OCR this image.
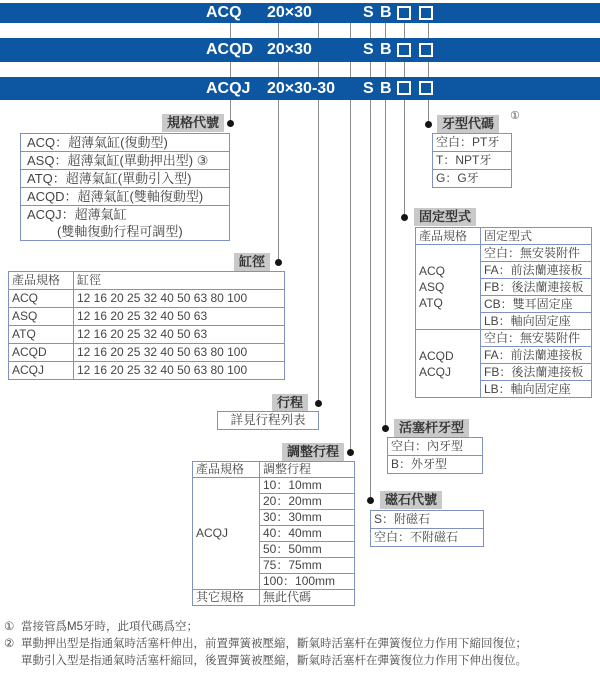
ACQ 20×30	S B
ACQD 20×30	S B
ACQJ 20×30-30 S B
規格代號
缸徑
行程
調整行程
磁石代號
活塞杆牙型
固定型式
牙型代碼	①
ACQ：超薄氣缸(復動型)
ASQ：超薄氣缸(單動押出型) ③
ATQ：超薄氣缸(單動引入型)
ACQD：超薄氣缸(雙軸復動型)
ACQJ：超薄氣缸
(雙軸復動行程可調型)
產品規格	缸徑
ACQ	12 16 20 25 32 40 50 63 80 100
ASQ	12 16 20 25 32 40 50 63
ATQ	12 16 20 25 32 40 50 63
ACQD	12 16 20 25 32 40 50 63 80 100
ACQJ	12 16 20 25 32 40 50 63 80 100
詳見行程列表
產品規格	調整行程
ACQJ	10：10mm
	20：20mm
	30：30mm
	40：40mm
	50：50mm
	75：75mm
	100：100mm
其它規格	無此代碼
空白：PT牙
T：NPT牙
G：G牙
產品規格	固定型式

ACQ
ASQ
ATQ	空白：無安裝附件
	FA：前法蘭連接板
	FB：後法蘭連接板
	CB：雙耳固定座
	LB：軸向固定座

ACQD
ACQJ	空白：無安裝附件
	FA：前法蘭連接板
	FB：後法蘭連接板
	LB：軸向固定座
空白：內牙型
B：外牙型
S：附磁石
空白：不附磁石
① 當接管爲M5牙時，此項代碼爲空；
② 單動押出型是指通氣時活塞杆伸出，前置彈簧被壓縮，斷氣時活塞杆在彈簧復位力作用下縮回復位；
單動引入型是指通氣時活塞杆縮回，後置彈簧被壓縮，斷氣時活塞杆在彈簧復位力作用下伸出復位。
